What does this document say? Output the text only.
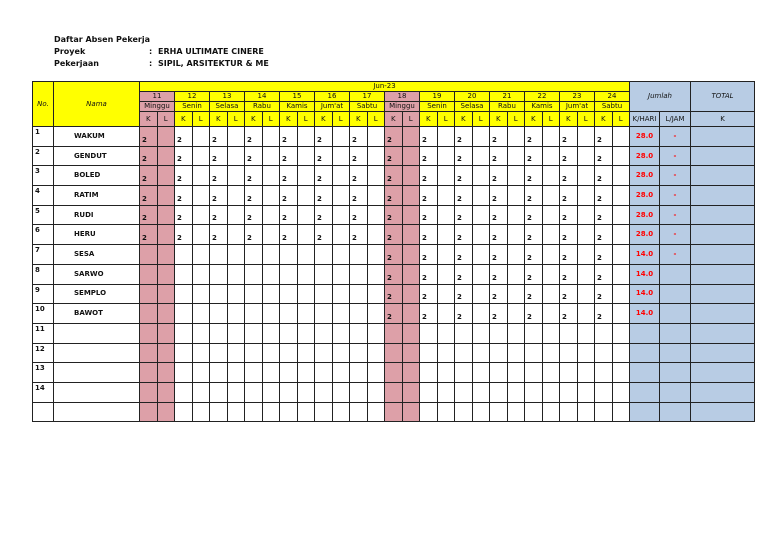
Daftar Absen Pekerja
Proyek	: ERHA ULTIMATE CINERE
Pekerjaan	: SIPIL, ARSITEKTUR & ME
No.	Nama	Jun-23																												Jumlah		TOTAL
		11		12		13		14		15		16		17		18		19		20		21		22		23		24				
		Minggu		Senin		Selasa		Rabu		Kamis		Jum'at		Sabtu		Minggu		Senin		Selasa		Rabu		Kamis		Jum'at		Sabtu				
		K	L	K	L	K	L	K	L	K	L	K	L	K	L	K	L	K	L	K	L	K	L	K	L	K	L	K	L	K/HARI	L/JAM	K
1	WAKUM	2		2		2		2		2		2		2		2		2		2		2		2		2		2		28.0	-	
2	GENDUT	2		2		2		2		2		2		2		2		2		2		2		2		2		2		28.0	-	
3	BOLED	2		2		2		2		2		2		2		2		2		2		2		2		2		2		28.0	-	
4	RATIM	2		2		2		2		2		2		2		2		2		2		2		2		2		2		28.0	-	
5	RUDI	2		2		2		2		2		2		2		2		2		2		2		2		2		2		28.0	-	
6	HERU	2		2		2		2		2		2		2		2		2		2		2		2		2		2		28.0	-	
7	SESA															2		2		2		2		2		2		2		14.0	-	
8	SARWO															2		2		2		2		2		2		2		14.0		
9	SEMPLO															2		2		2		2		2		2		2		14.0		
10	BAWOT															2		2		2		2		2		2		2		14.0		
11																																
12																																
13																																
14																																
